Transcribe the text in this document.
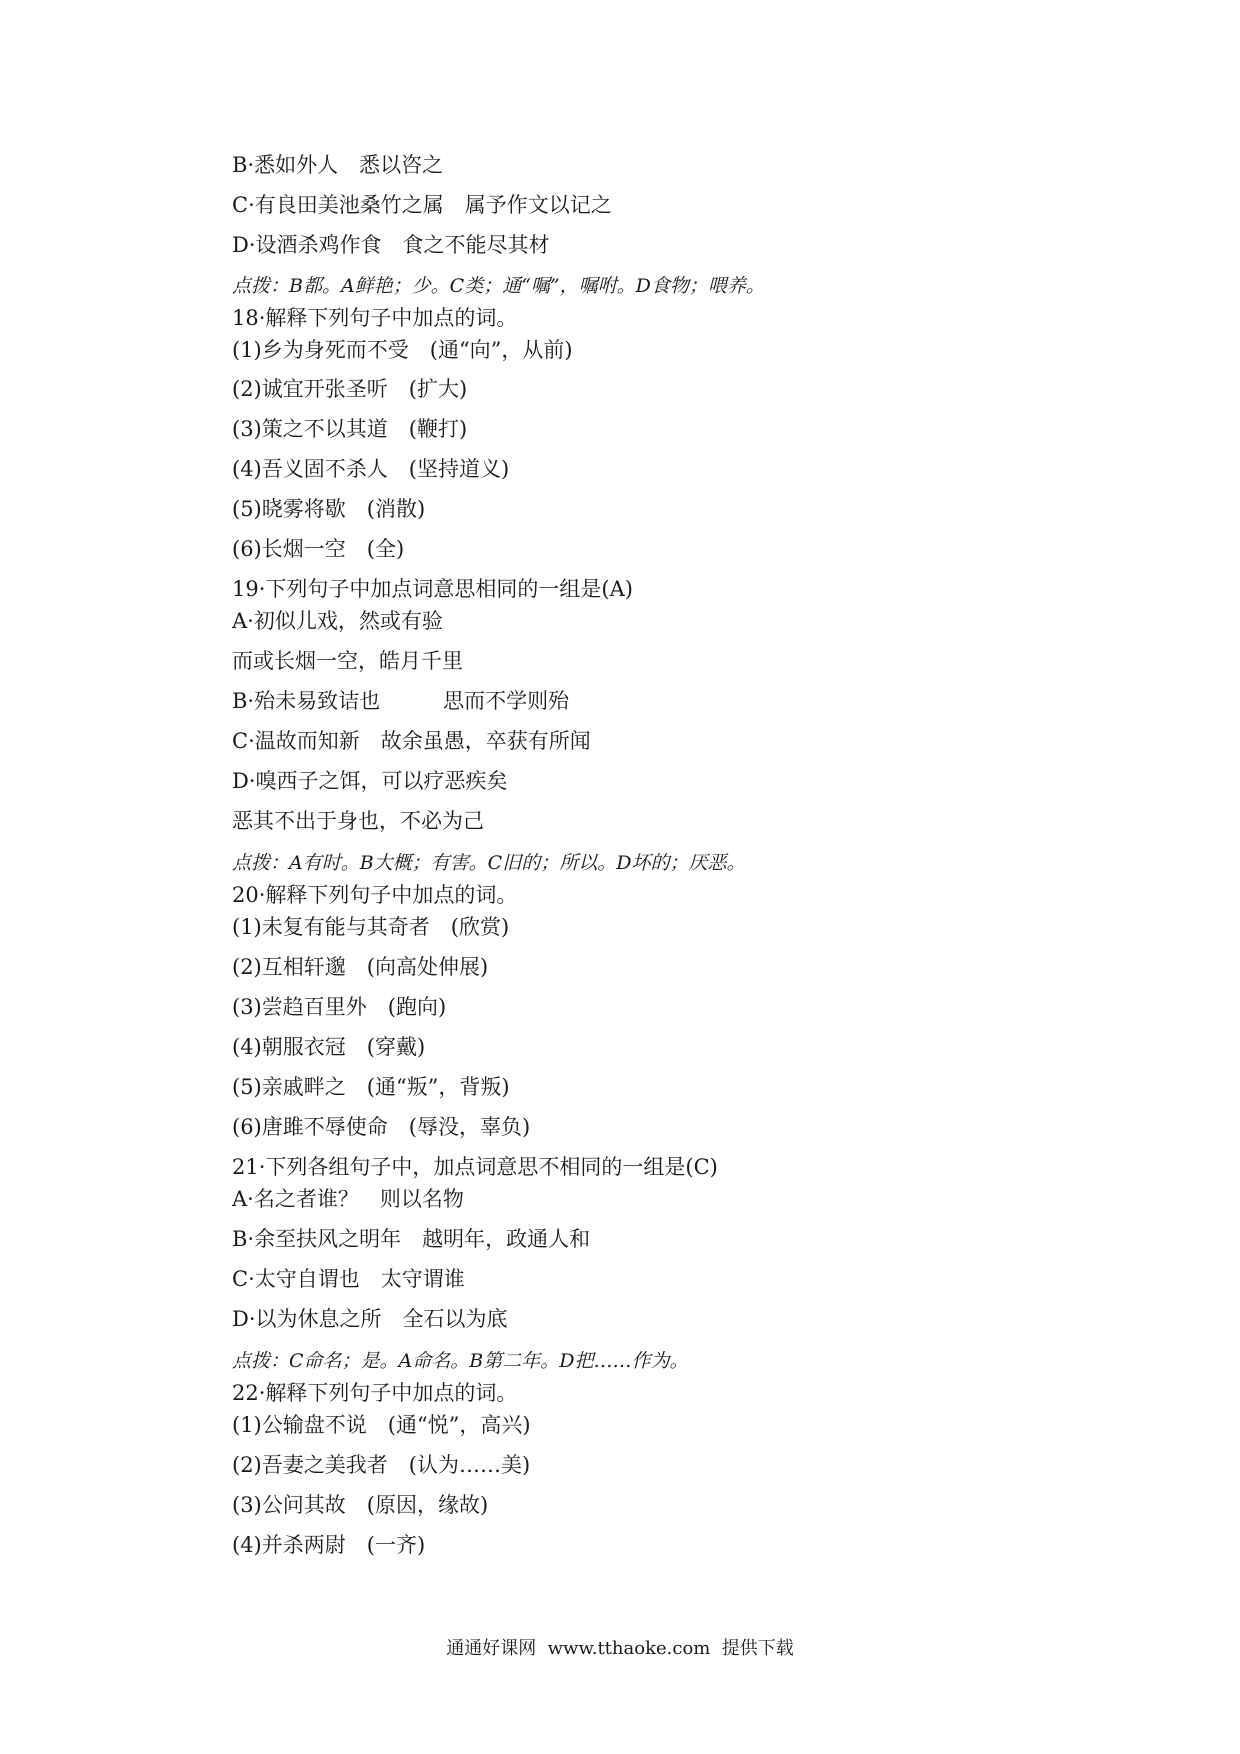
B·悉如外人　悉以咨之
C·有良田美池桑竹之属　属予作文以记之
D·设酒杀鸡作食　食之不能尽其材
点拨：B都。A鲜艳；少。C类；通“嘱”，嘱咐。D食物；喂养。
18·解释下列句子中加点的词。
(1)乡为身死而不受　(通“向”，从前)
(2)诚宜开张圣听　(扩大)
(3)策之不以其道　(鞭打)
(4)吾义固不杀人　(坚持道义)
(5)晓雾将歇　(消散)
(6)长烟一空　(全)
19·下列句子中加点词意思相同的一组是(A)
A·初似儿戏，然或有验
而或长烟一空，皓月千里
B·殆未易致诘也　　　思而不学则殆
C·温故而知新　故余虽愚，卒获有所闻
D·嗅西子之饵，可以疗恶疾矣
恶其不出于身也，不必为己
点拨：A有时。B大概；有害。C旧的；所以。D坏的；厌恶。
20·解释下列句子中加点的词。
(1)未复有能与其奇者　(欣赏)
(2)互相轩邈　(向高处伸展)
(3)尝趋百里外　(跑向)
(4)朝服衣冠　(穿戴)
(5)亲戚畔之　(通“叛”，背叛)
(6)唐雎不辱使命　(辱没，辜负)
21·下列各组句子中，加点词意思不相同的一组是(C)
A·名之者谁？　则以名物
B·余至扶风之明年　越明年，政通人和
C·太守自谓也　太守谓谁
D·以为休息之所　全石以为底
点拨：C命名；是。A命名。B第二年。D把……作为。
22·解释下列句子中加点的词。
(1)公输盘不说　(通“悦”，高兴)
(2)吾妻之美我者　(认为……美)
(3)公问其故　(原因，缘故)
(4)并杀两尉　(一齐)
通通好课网  www.tthaoke.com  提供下载
